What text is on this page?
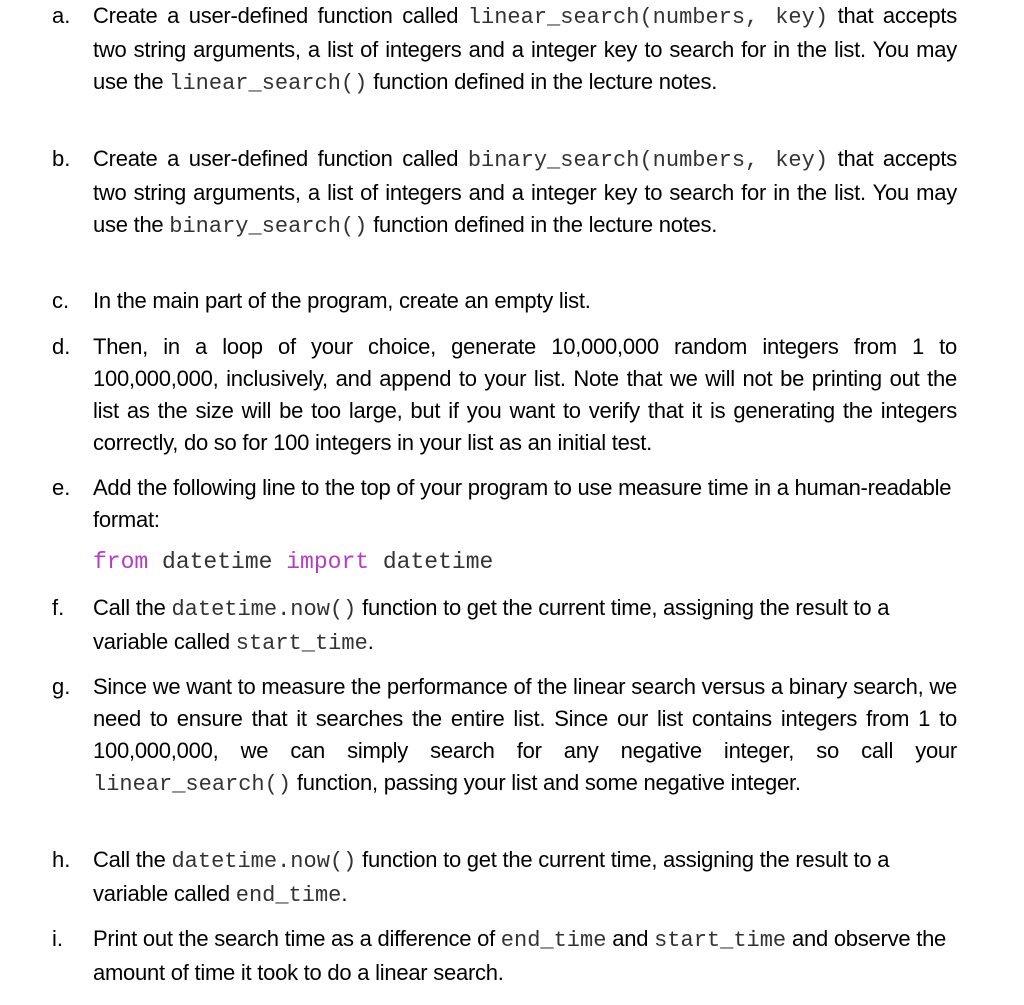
a. Create a user-defined function called linear_search(numbers, key) that accepts two string arguments, a list of integers and a integer key to search for in the list. You may use the linear_search() function defined in the lecture notes.
b. Create a user-defined function called binary_search(numbers, key) that accepts two string arguments, a list of integers and a integer key to search for in the list. You may use the binary_search() function defined in the lecture notes.
c. In the main part of the program, create an empty list.
d. Then, in a loop of your choice, generate 10,000,000 random integers from 1 to 100,000,000, inclusively, and append to your list. Note that we will not be printing out the list as the size will be too large, but if you want to verify that it is generating the integers correctly, do so for 100 integers in your list as an initial test.
e. Add the following line to the top of your program to use measure time in a human-readable format:
from datetime import datetime
f. Call the datetime.now() function to get the current time, assigning the result to a variable called start_time.
g. Since we want to measure the performance of the linear search versus a binary search, we need to ensure that it searches the entire list. Since our list contains integers from 1 to 100,000,000, we can simply search for any negative integer, so call your linear_search() function, passing your list and some negative integer.
h. Call the datetime.now() function to get the current time, assigning the result to a variable called end_time.
i. Print out the search time as a difference of end_time and start_time and observe the amount of time it took to do a linear search.
